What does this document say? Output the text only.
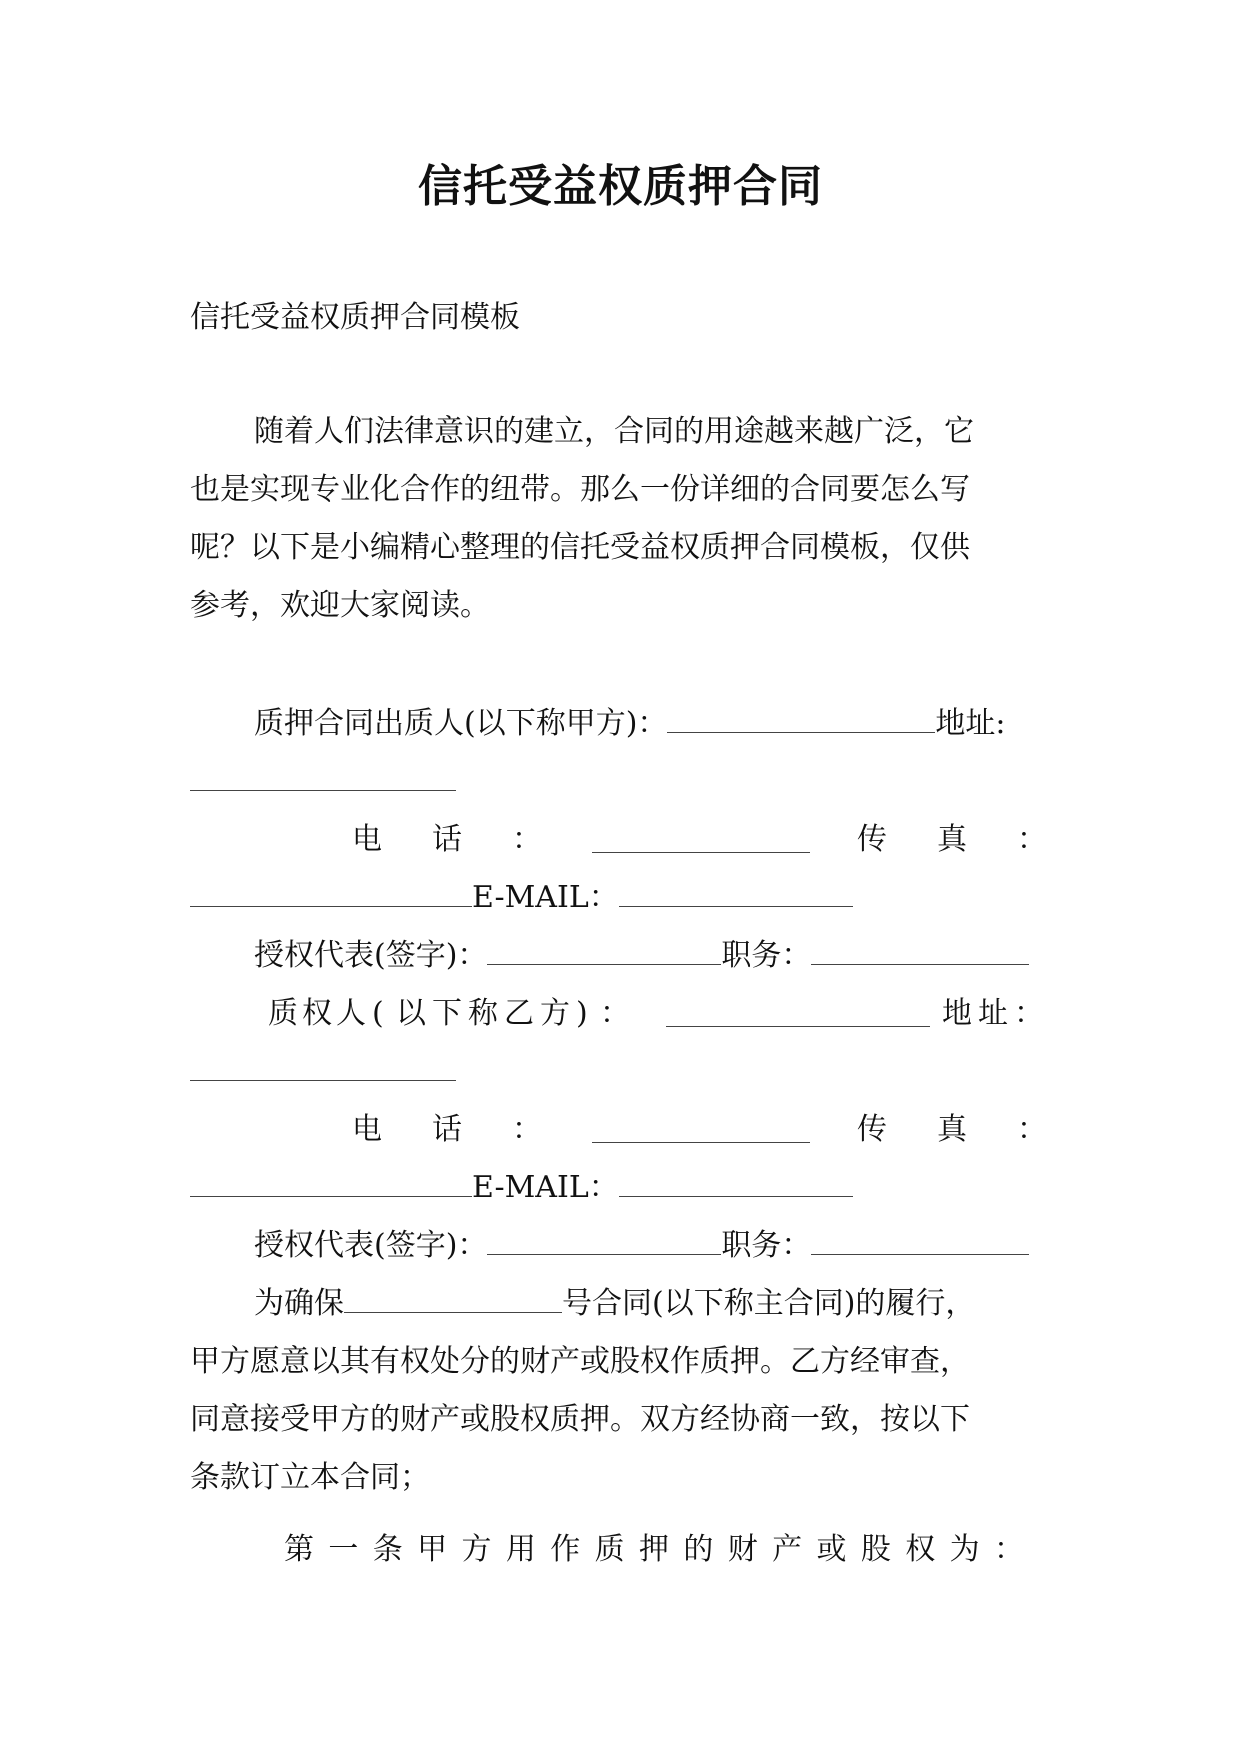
信托受益权质押合同
信托受益权质押合同模板
随着人们法律意识的建立，合同的用途越来越广泛，它
也是实现专业化合作的纽带。那么一份详细的合同要怎么写
呢？以下是小编精心整理的信托受益权质押合同模板，仅供
参考，欢迎大家阅读。
质押合同出质人(以下称甲方)：	地址:
电 话 ：	传 真 ：
E-MAIL：
授权代表(签字)：	职务：
质 权 人 ( 以 下 称 乙 方 ) ：	地 址 ：
电 话 ：	传 真 ：
E-MAIL：
授权代表(签字)：	职务：
为确保	号合同(以下称主合同)的履行，
甲方愿意以其有权处分的财产或股权作质押。乙方经审查，
同意接受甲方的财产或股权质押。双方经协商一致，按以下
条款订立本合同；
第 一 条 甲 方 用 作 质 押 的 财 产 或 股 权 为 ：
